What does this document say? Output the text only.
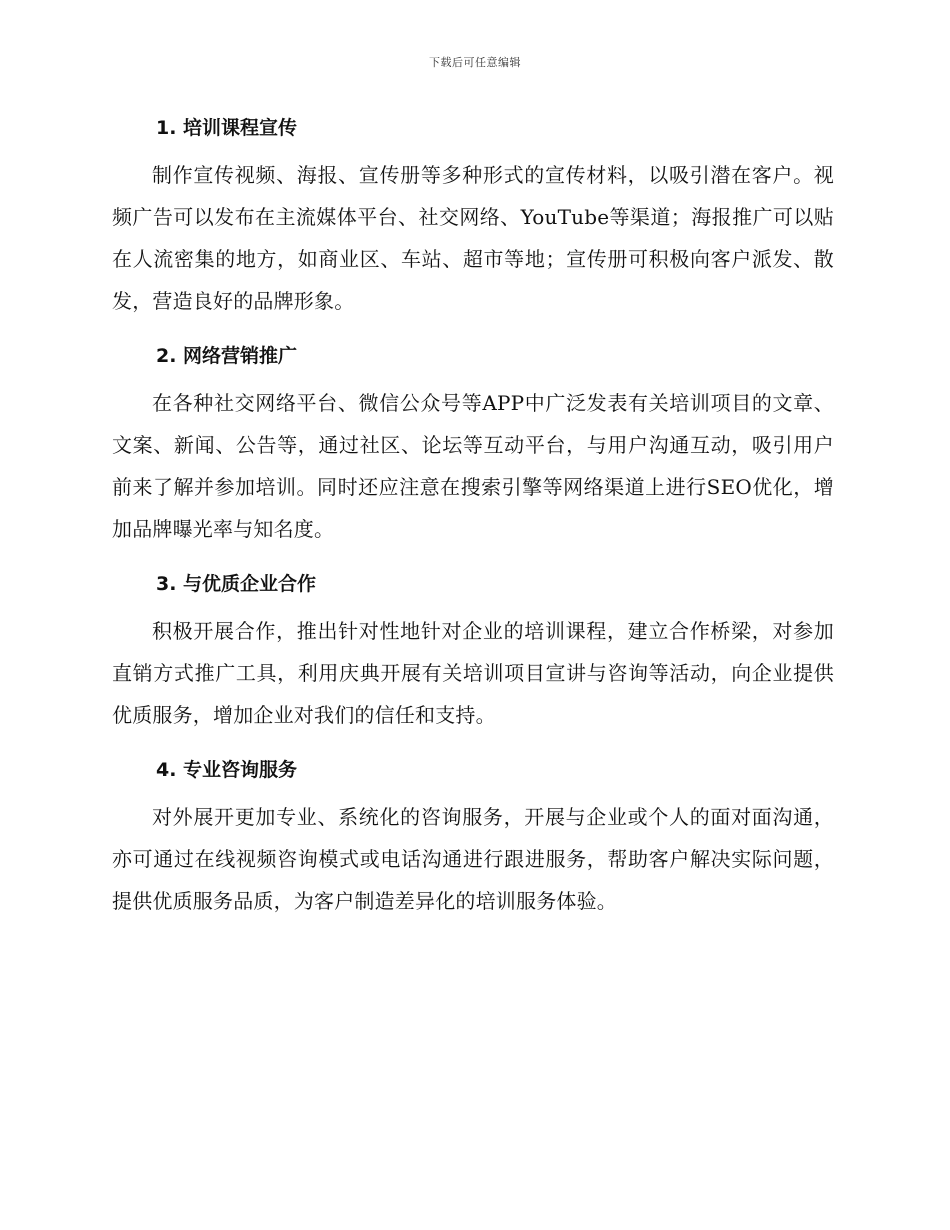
下载后可任意编辑
1. 培训课程宣传

制作宣传视频、海报、宣传册等多种形式的宣传材料，以吸引潜在客户。视频广告可以发布在主流媒体平台、社交网络、YouTube等渠道；海报推广可以贴在人流密集的地方，如商业区、车站、超市等地；宣传册可积极向客户派发、散发，营造良好的品牌形象。

2. 网络营销推广

在各种社交网络平台、微信公众号等APP中广泛发表有关培训项目的文章、文案、新闻、公告等，通过社区、论坛等互动平台，与用户沟通互动，吸引用户前来了解并参加培训。同时还应注意在搜索引擎等网络渠道上进行SEO优化，增加品牌曝光率与知名度。

3. 与优质企业合作

积极开展合作，推出针对性地针对企业的培训课程，建立合作桥梁，对参加直销方式推广工具，利用庆典开展有关培训项目宣讲与咨询等活动，向企业提供优质服务，增加企业对我们的信任和支持。

4. 专业咨询服务

对外展开更加专业、系统化的咨询服务，开展与企业或个人的面对面沟通，亦可通过在线视频咨询模式或电话沟通进行跟进服务，帮助客户解决实际问题，提供优质服务品质，为客户制造差异化的培训服务体验。
